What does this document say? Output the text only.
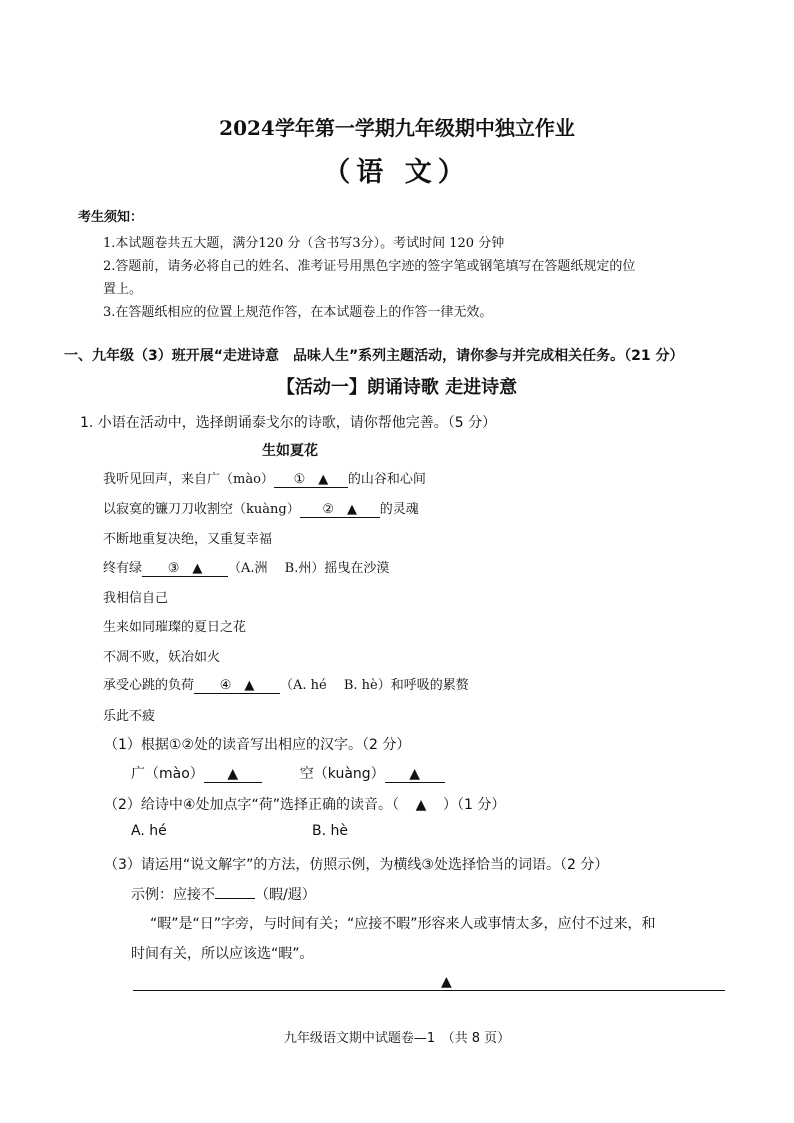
2024学年第一学期九年级期中独立作业
（语 文）
考生须知：
1.本试题卷共五大题，满分120 分（含书写3分）。考试时间 120 分钟
2.答题前，请务必将自己的姓名、准考证号用黑色字迹的签字笔或钢笔填写在答题纸规定的位
置上。
3.在答题纸相应的位置上规范作答，在本试题卷上的作答一律无效。
一、九年级（3）班开展“走进诗意　品味人生”系列主题活动，请你参与并完成相关任务。（21 分）
【活动一】朗诵诗歌 走进诗意
1. 小语在活动中，选择朗诵泰戈尔的诗歌，请你帮他完善。（5 分）
生如夏花
我听见回声，来自广（mào） ①　▲ 的山谷和心间
以寂寞的镰刀刀收割空（kuàng） ②　▲ 的灵魂
不断地重复决绝，又重复幸福
终有绿 ③　▲ （A.洲　 B.州）摇曳在沙漠
我相信自己
生来如同璀璨的夏日之花
不凋不败，妖冶如火
承受心跳的负荷 ④　▲ （A. hé　 B. hè）和呼吸的累赘
乐此不疲
（1）根据①②处的读音写出相应的汉字。（2 分）
广（mào） ▲	空（kuàng） ▲
（2）给诗中④处加点字“荷”选择正确的读音。（ ▲ ）（1 分）
A. hé	B. hè
（3）请运用“说文解字”的方法，仿照示例，为横线③处选择恰当的词语。（2 分）
示例：应接不	（暇/遐）
“暇”是“日”字旁，与时间有关；“应接不暇”形容来人或事情太多，应付不过来，和
时间有关，所以应该选“暇”。
▲
九年级语文期中试题卷—1　（共 8 页）
